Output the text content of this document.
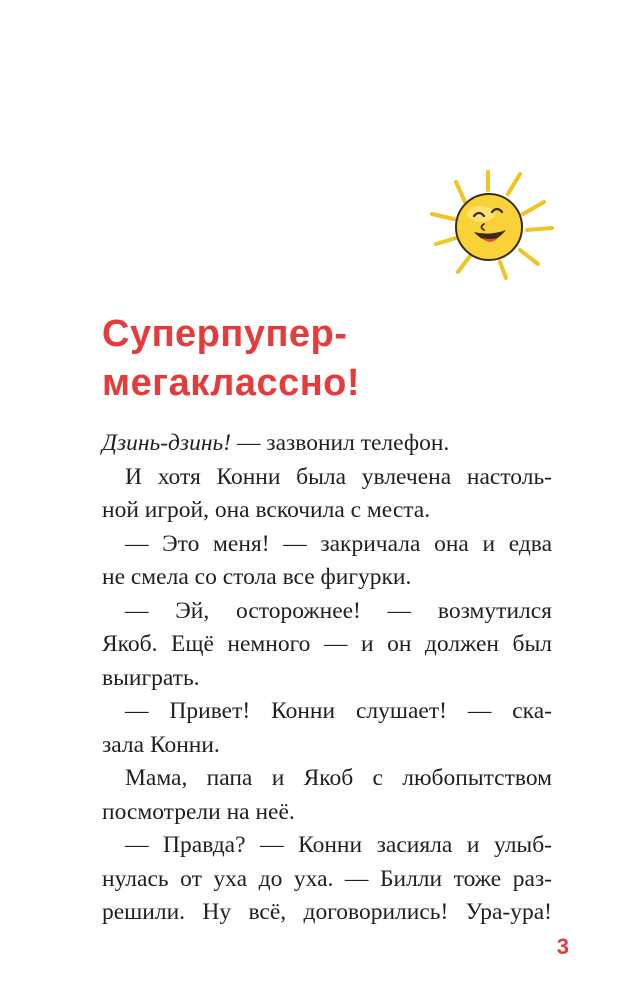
Суперпупер-
мегаклассно!
Дзинь-дзинь! — зазвонил телефон.
И хотя Конни была увлечена настоль-
ной игрой, она вскочила с места.
— Это меня! — закричала она и едва
не смела со стола все фигурки.
— Эй, осторожнее! — возмутился
Якоб. Ещё немного — и он должен был
выиграть.
— Привет! Конни слушает! — ска-
зала Конни.
Мама, папа и Якоб с любопытством
посмотрели на неё.
— Правда? — Конни засияла и улыб-
нулась от уха до уха. — Билли тоже раз-
решили. Ну всё, договорились! Ура-ура!
3
